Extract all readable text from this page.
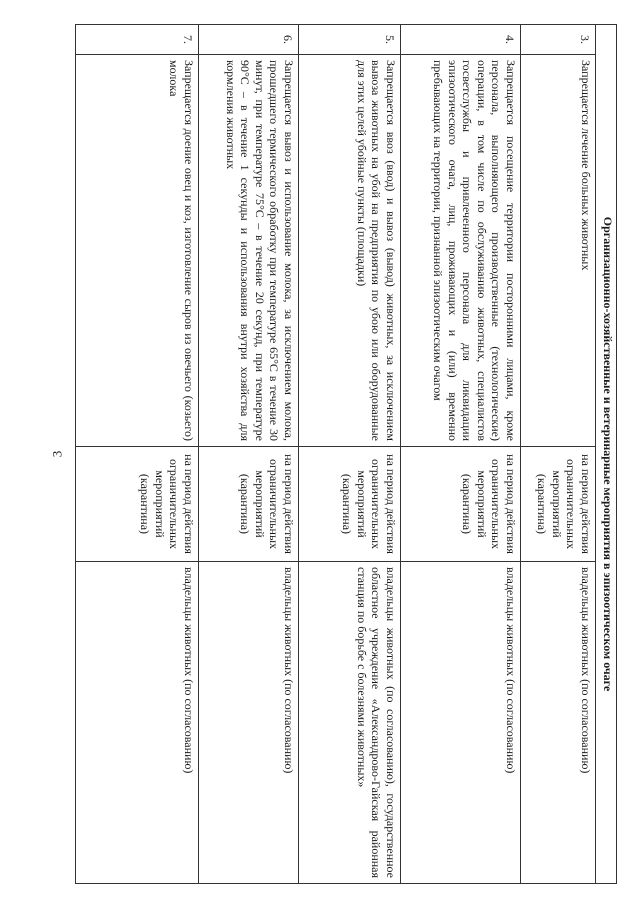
3	Организационно-хозяйственные и ветеринарные мероприятия в эпизоотическом очаге			
3.	Запрещается лечение больных животных	на период действия ограничительных мероприятий (карантина)	владельцы животных (по согласованию)
4.	Запрещается посещение территории посторонними лицами, кроме персонала, выполняющего производственные (технологические) операции, в том числе по обслуживанию животных, специалистов госветслужбы и привлеченного персонала для ликвидации эпизоотического очага, лиц, проживающих и (или) временно пребывающих на территории, признанной эпизоотическим очагом	на период действия ограничительных мероприятий (карантина)	владельцы животных (по согласованию)
5.	Запрещается ввоз (ввод) и вывоз (вывод) животных, за исключением вывоза животных на убой на предприятия по убою или оборудованные для этих целей убойные пункты (площадки)	на период действия ограничительных мероприятий (карантина)	владельцы животных (по согласованию), государственное областное учреждение «Александрово-Гайская районная станция по борьбе с болезнями животных»
6.	Запрещается вывоз и использование молока, за исключением молока, прошедшего термического обработку при температуре 65°С в течение 30 минут, при температуре 75°С – в течение 20 секунд, при температуре 90°С – в течение 1 секунды и использования внутри хозяйства для кормления животных	на период действия ограничительных мероприятий (карантина)	владельцы животных (по согласованию)
7.	Запрещается доение овец и коз, изготовление сыров из овечьего (козьего) молока	на период действия ограничительных мероприятий (карантина)	владельцы животных (по согласованию)
